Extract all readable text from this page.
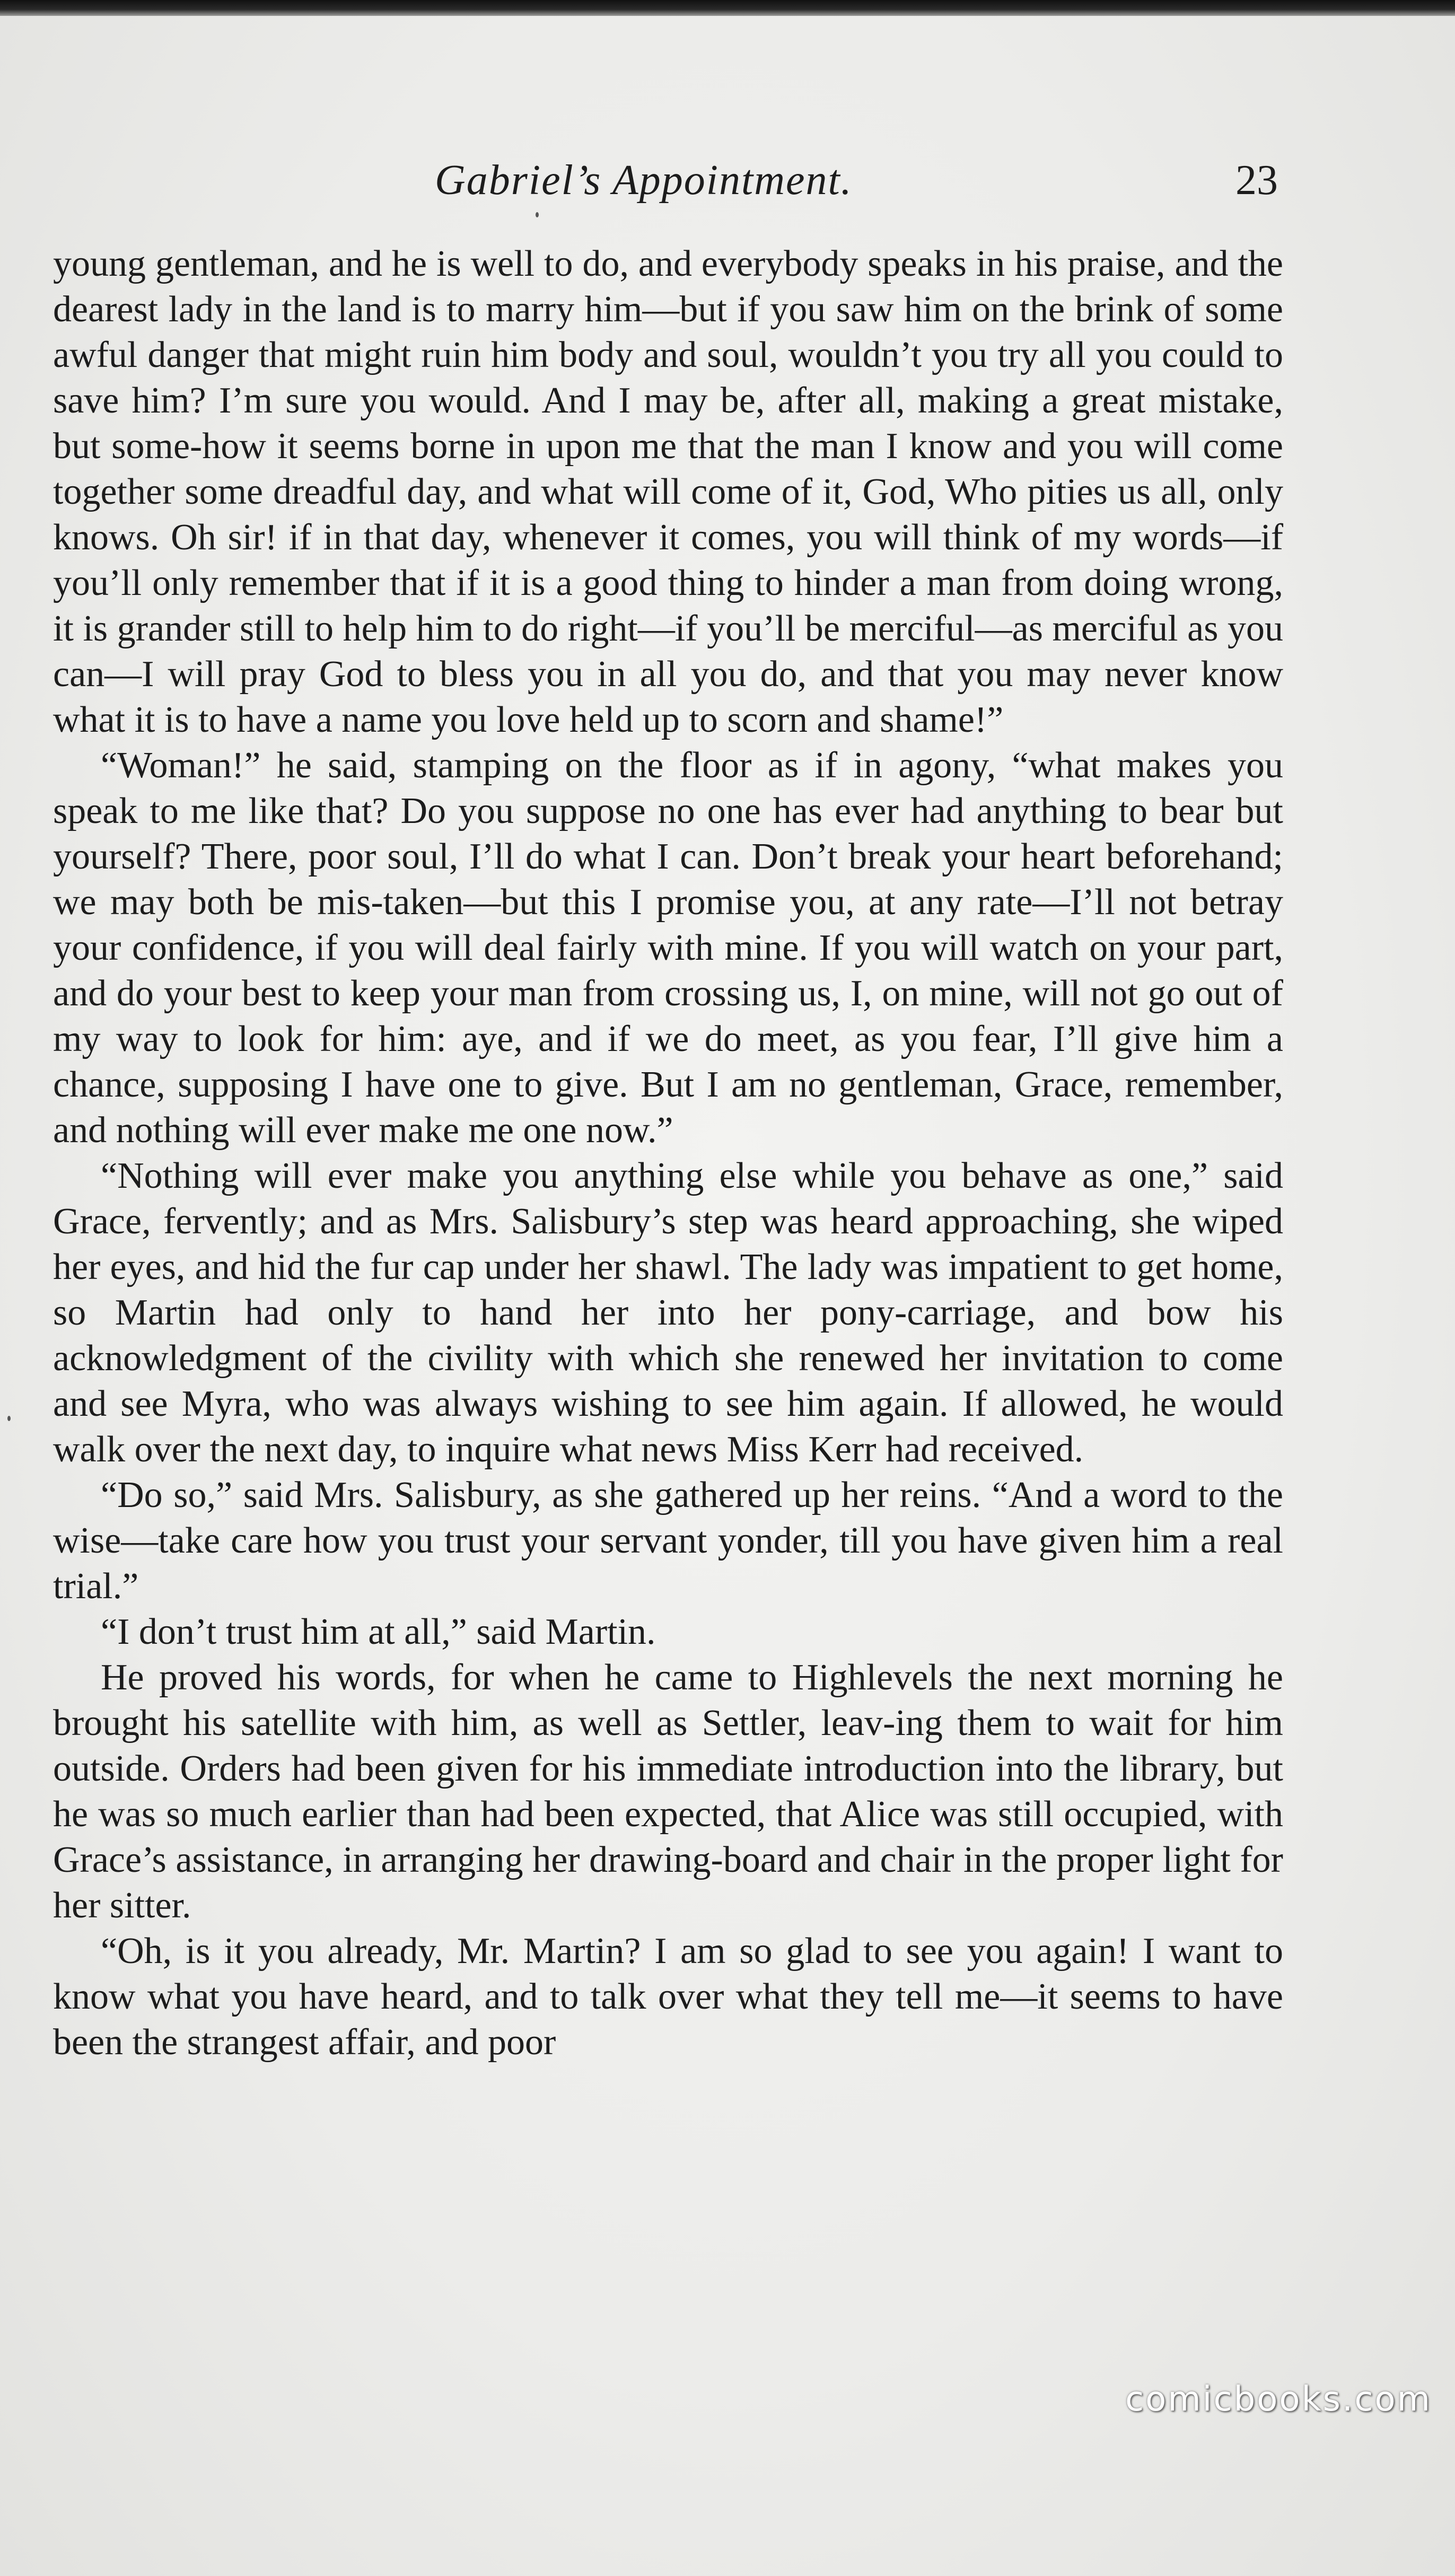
Gabriel’s Appointment.	23

young gentleman, and he is well to do, and everybody speaks in his praise, and the dearest lady in the land is to marry him—but if you saw him on the brink of some awful danger that might ruin him body and soul, wouldn’t you try all you could to save him? I’m sure you would. And I may be, after all, making a great mistake, but some-how it seems borne in upon me that the man I know and you will come together some dreadful day, and what will come of it, God, Who pities us all, only knows. Oh sir! if in that day, whenever it comes, you will think of my words—if you’ll only remember that if it is a good thing to hinder a man from doing wrong, it is grander still to help him to do right—if you’ll be merciful—as merciful as you can—I will pray God to bless you in all you do, and that you may never know what it is to have a name you love held up to scorn and shame!”

“Woman!” he said, stamping on the floor as if in agony, “what makes you speak to me like that? Do you suppose no one has ever had anything to bear but yourself? There, poor soul, I’ll do what I can. Don’t break your heart beforehand; we may both be mis-taken—but this I promise you, at any rate—I’ll not betray your confidence, if you will deal fairly with mine. If you will watch on your part, and do your best to keep your man from crossing us, I, on mine, will not go out of my way to look for him: aye, and if we do meet, as you fear, I’ll give him a chance, supposing I have one to give. But I am no gentleman, Grace, remember, and nothing will ever make me one now.”

“Nothing will ever make you anything else while you behave as one,” said Grace, fervently; and as Mrs. Salisbury’s step was heard approaching, she wiped her eyes, and hid the fur cap under her shawl. The lady was impatient to get home, so Martin had only to hand her into her pony-carriage, and bow his acknowledgment of the civility with which she renewed her invitation to come and see Myra, who was always wishing to see him again. If allowed, he would walk over the next day, to inquire what news Miss Kerr had received.

“Do so,” said Mrs. Salisbury, as she gathered up her reins. “And a word to the wise—take care how you trust your servant yonder, till you have given him a real trial.”

“I don’t trust him at all,” said Martin.

He proved his words, for when he came to Highlevels the next morning he brought his satellite with him, as well as Settler, leav-ing them to wait for him outside. Orders had been given for his immediate introduction into the library, but he was so much earlier than had been expected, that Alice was still occupied, with Grace’s assistance, in arranging her drawing-board and chair in the proper light for her sitter.

“Oh, is it you already, Mr. Martin? I am so glad to see you again! I want to know what you have heard, and to talk over what they tell me—it seems to have been the strangest affair, and poor

comicbooks.com
